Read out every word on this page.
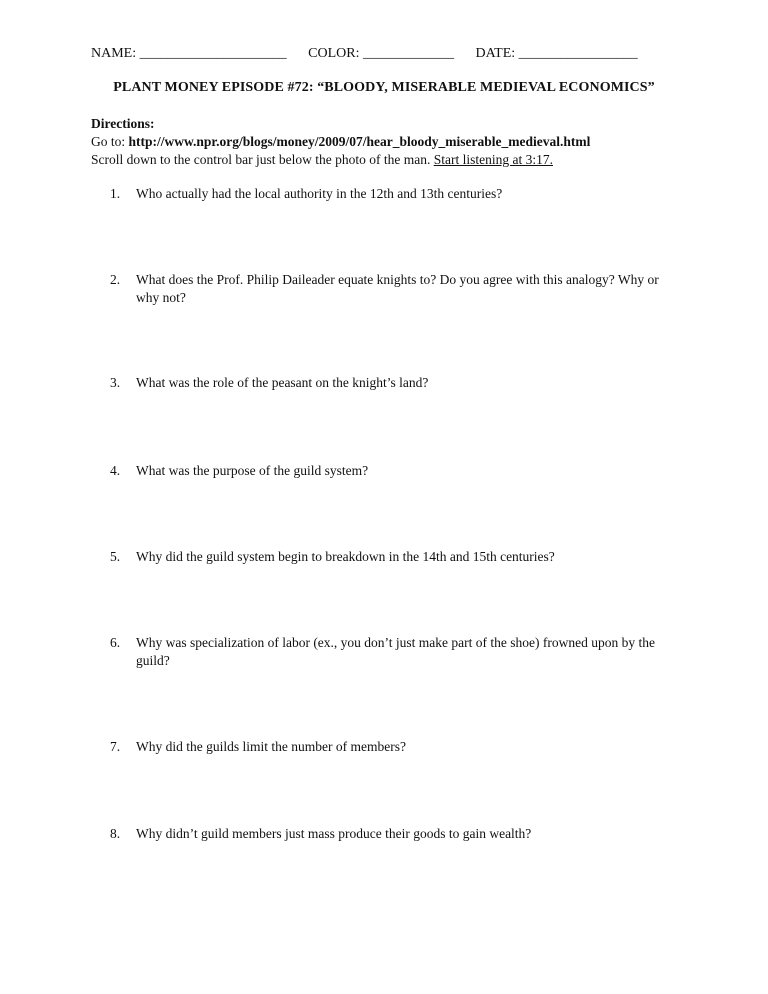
NAME: _____________________ COLOR: _____________ DATE: _________________
PLANT MONEY EPISODE #72: “BLOODY, MISERABLE MEDIEVAL ECONOMICS”
Directions:
Go to: http://www.npr.org/blogs/money/2009/07/hear_bloody_miserable_medieval.html
Scroll down to the control bar just below the photo of the man. Start listening at 3:17.
1.	Who actually had the local authority in the 12th and 13th centuries?
2.	What does the Prof. Philip Daileader equate knights to? Do you agree with this analogy? Why or why not?
3.	What was the role of the peasant on the knight’s land?
4.	What was the purpose of the guild system?
5.	Why did the guild system begin to breakdown in the 14th and 15th centuries?
6.	Why was specialization of labor (ex., you don’t just make part of the shoe) frowned upon by the guild?
7.	Why did the guilds limit the number of members?
8.	Why didn’t guild members just mass produce their goods to gain wealth?
